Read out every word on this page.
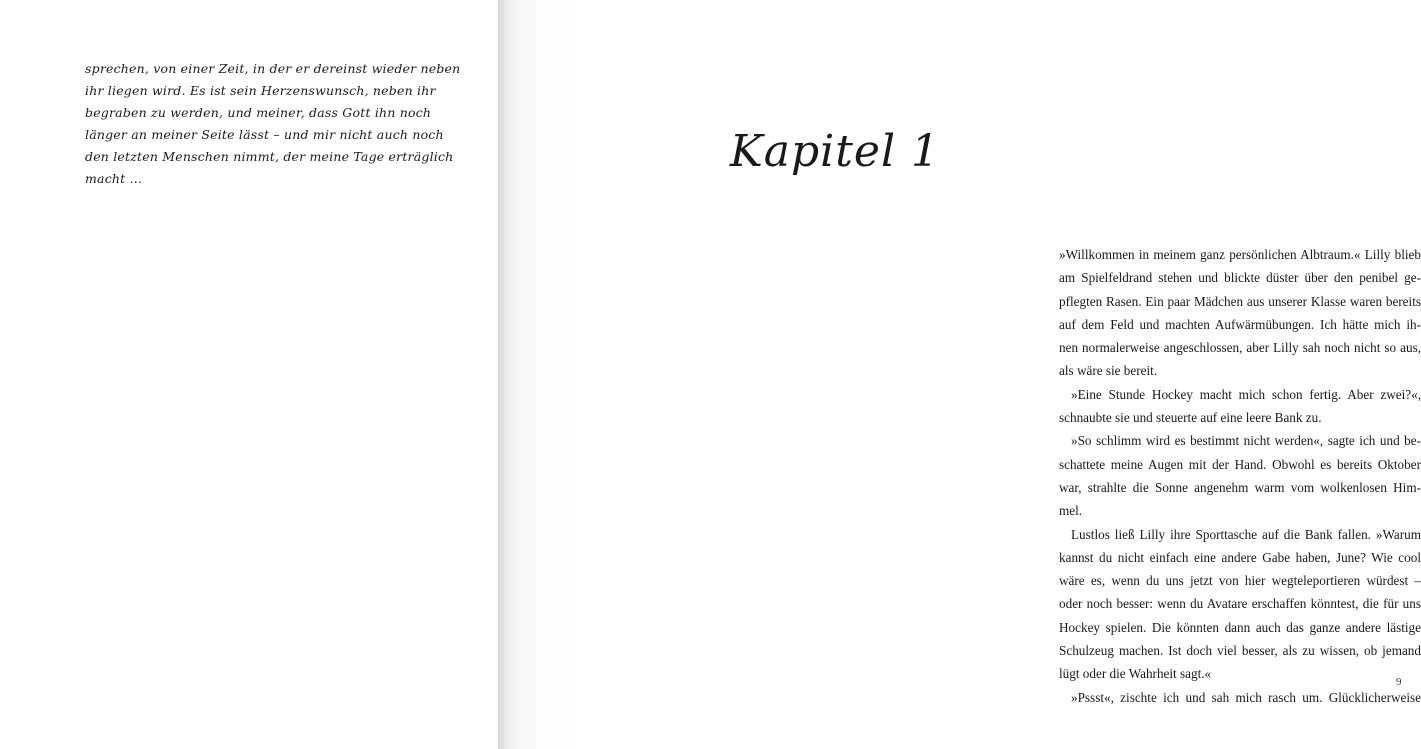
sprechen, von einer Zeit, in der er dereinst wieder neben
ihr liegen wird. Es ist sein Herzenswunsch, neben ihr
begraben zu werden, und meiner, dass Gott ihn noch
länger an meiner Seite lässt – und mir nicht auch noch
den letzten Menschen nimmt, der meine Tage erträglich
macht …
Kapitel 1
»Willkommen in meinem ganz persönlichen Albtraum.« Lilly blieb
am Spielfeldrand stehen und blickte düster über den penibel ge-
pflegten Rasen. Ein paar Mädchen aus unserer Klasse waren bereits
auf dem Feld und machten Aufwärmübungen. Ich hätte mich ih-
nen normalerweise angeschlossen, aber Lilly sah noch nicht so aus,
als wäre sie bereit.
»Eine Stunde Hockey macht mich schon fertig. Aber zwei?«,
schnaubte sie und steuerte auf eine leere Bank zu.
»So schlimm wird es bestimmt nicht werden«, sagte ich und be-
schattete meine Augen mit der Hand. Obwohl es bereits Oktober
war, strahlte die Sonne angenehm warm vom wolkenlosen Him-
mel.
Lustlos ließ Lilly ihre Sporttasche auf die Bank fallen. »Warum
kannst du nicht einfach eine andere Gabe haben, June? Wie cool
wäre es, wenn du uns jetzt von hier wegteleportieren würdest –
oder noch besser: wenn du Avatare erschaffen könntest, die für uns
Hockey spielen. Die könnten dann auch das ganze andere lästige
Schulzeug machen. Ist doch viel besser, als zu wissen, ob jemand
lügt oder die Wahrheit sagt.«
»Pssst«, zischte ich und sah mich rasch um. Glücklicherweise
9
